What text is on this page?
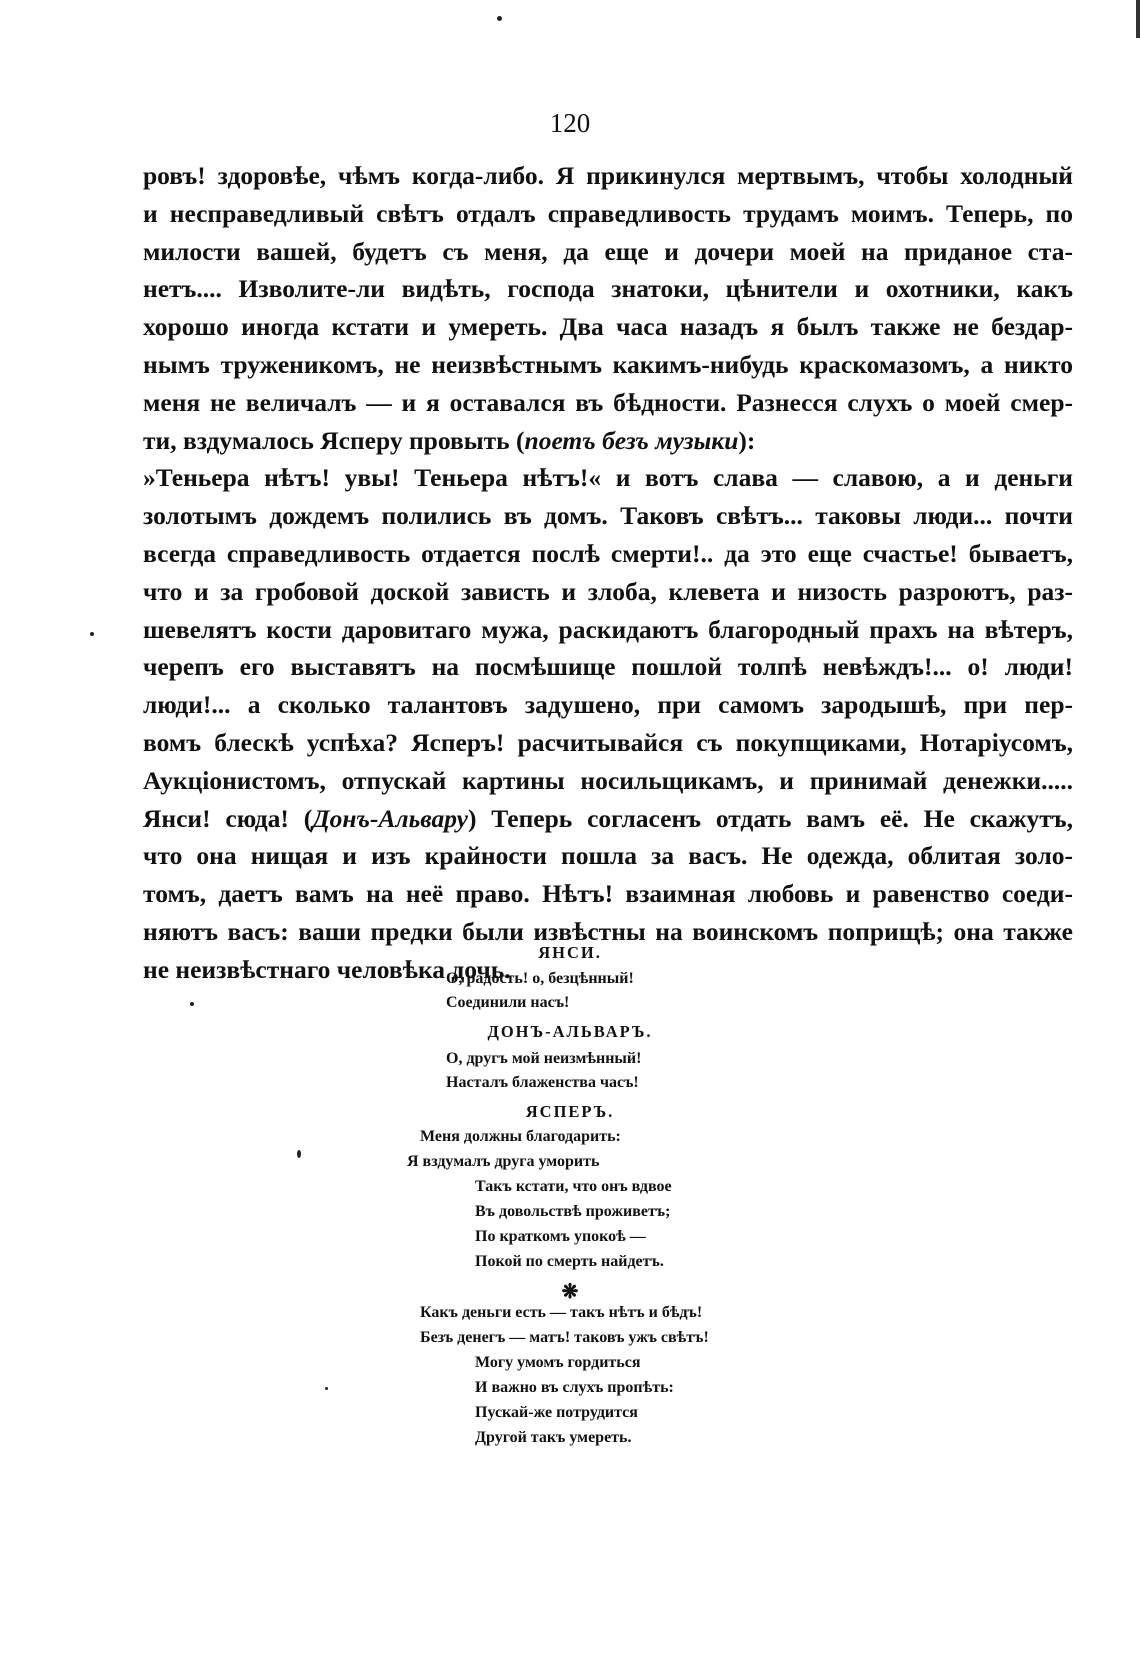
120
ровъ! здоровѣе, чѣмъ когда-либо. Я прикинулся мертвымъ, чтобы холодный
и несправедливый свѣтъ отдалъ справедливость трудамъ моимъ. Теперь, по
милости вашей, будетъ съ меня, да еще и дочери моей на приданое ста-
нетъ.... Изволите-ли видѣть, господа знатоки, цѣнители и охотники, какъ
хорошо иногда кстати и умереть. Два часа назадъ я былъ также не бездар-
нымъ труженикомъ, не неизвѣстнымъ какимъ-нибудь краскомазомъ, а никто
меня не величалъ — и я оставался въ бѣдности. Разнесся слухъ о моей смер-
ти, вздумалось Ясперу провыть (поетъ безъ музыки):
»Теньера нѣтъ! увы! Теньера нѣтъ!« и вотъ слава — славою, а и деньги
золотымъ дождемъ полились въ домъ. Таковъ свѣтъ... таковы люди... почти
всегда справедливость отдается послѣ смерти!.. да это еще счастье! бываетъ,
что и за гробовой доской зависть и злоба, клевета и низость разроютъ, раз-
шевелятъ кости даровитаго мужа, раскидаютъ благородный прахъ на вѣтеръ,
черепъ его выставятъ на посмѣшище пошлой толпѣ невѣждъ!... о! люди!
люди!... а сколько талантовъ задушено, при самомъ зародышѣ, при пер-
вомъ блескѣ успѣха? Ясперъ! расчитывайся съ покупщиками, Нотаріусомъ,
Аукціонистомъ, отпускай картины носильщикамъ, и принимай денежки.....
Янси! сюда! (Донъ-Альвару) Теперь согласенъ отдать вамъ её. Не скажутъ,
что она нищая и изъ крайности пошла за васъ. Не одежда, облитая золо-
томъ, даетъ вамъ на неё право. Нѣтъ! взаимная любовь и равенство соеди-
няютъ васъ: ваши предки были извѣстны на воинскомъ поприщѣ; она также
не неизвѣстнаго человѣка дочь.
ЯНСИ.
О, радость! о, безцѣнный!
Соединили насъ!
ДОНЪ-АЛЬВАРЪ.
О, другъ мой неизмѣнный!
Насталъ блаженства часъ!
ЯСПЕРЪ.
Меня должны благодарить:
Я вздумалъ друга уморить
Такъ кстати, что онъ вдвое
Въ довольствѣ проживетъ;
По краткомъ упокоѣ —
Покой по смерть найдетъ.
❋
Какъ деньги есть — такъ нѣтъ и бѣдъ!
Безъ денегъ — матъ! таковъ ужъ свѣтъ!
Могу умомъ гордиться
И важно въ слухъ пропѣть:
Пускай-же потрудится
Другой такъ умереть.
